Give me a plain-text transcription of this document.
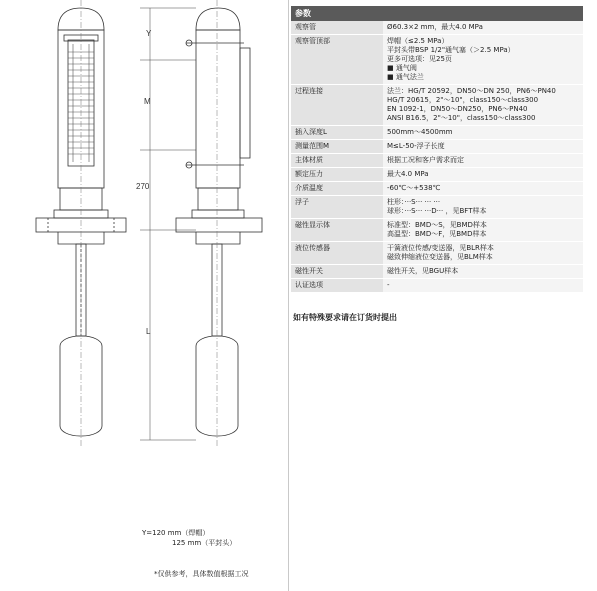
Y
M
270
L
Y=120 mm（焊帽）
125 mm（平封头）
*仅供参考，具体数值根据工况
参数	
观察管	Ø60.3×2 mm，最大4.0 MPa

观察管顶部	焊帽（≤2.5 MPa）
平封头带BSP 1/2"通气塞（＞2.5 MPa）
更多可选项：见25页
■ 通气阀
■ 通气法兰

过程连接	法兰：HG/T 20592，DN50～DN 250，PN6～PN40
HG/T 20615，2"～10"，class150～class300
EN 1092-1，DN50～DN250，PN6～PN40
ANSI B16.5，2"～10"，class150～class300

插入深度L	500mm～4500mm

测量范围M	M≤L-50-浮子长度

主体材质	根据工况和客户需求而定

额定压力	最大4.0 MPa

介质温度	-60℃～+538℃

浮子	柱形：···S··· ··· ···
球形：···S··· ···D··· ，见BFT样本

磁性显示体	标准型：BMD～S，见BMD样本
高温型：BMD～F，见BMD样本

液位传感器	干簧液位传感/变送器，见BLR样本
磁致伸缩液位变送器，见BLM样本

磁性开关	磁性开关，见BGU样本

认证选项	-
如有特殊要求请在订货时提出
